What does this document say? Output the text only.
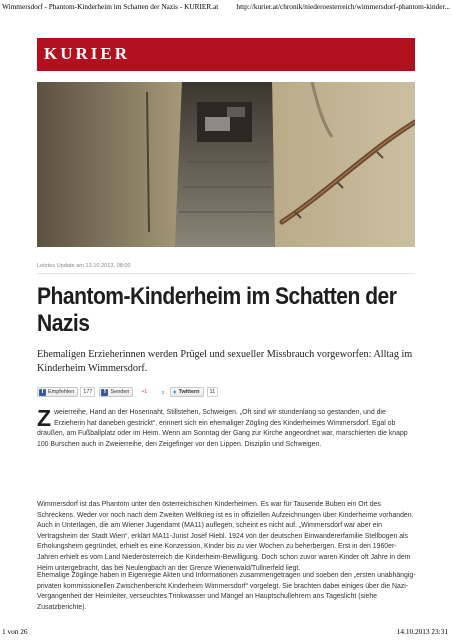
Wimmersdorf - Phantom-Kinderheim im Schatten der Nazis - KURIER.at http://kurier.at/chronik/niederoesterreich/wimmersdorf-phantom-kinder...
KURIER
Letztes Update am 13.10.2013, 08:00
Phantom-Kinderheim im Schatten der Nazis

Ehemaligen Erzieherinnen werden Prügel und sexueller Missbrauch vorgeworfen: Alltag im Kinderheim Wimmersdorf.

f Empfehlen	177	f Senden +1	3 ♦ Twittern	11
Z weierreihe, Hand an der Hosennaht, Stillstehen, Schweigen. „Oft sind wir stundenlang so gestanden, und die Erzieherin hat daneben gestrickt“, erinnert sich ein ehemaliger Zögling des Kinderheimes Wimmersdorf. Egal ob draußen, am Fußballplatz oder im Heim. Wenn am Sonntag der Gang zur Kirche angeordnet war, marschierten die knapp 100 Burschen auch in Zweierreihe, den Zeigefinger vor den Lippen. Disziplin und Schweigen.
Wimmersdorf ist das Phantom unter den österreichischen Kinderheimen. Es war für Tausende Buben ein Ort des Schreckens. Weder vor noch nach dem Zweiten Weltkrieg ist es in offiziellen Aufzeichnungen über Kinderheime vorhanden. Auch in Unterlagen, die am Wiener Jugendamt (MA11) auflegen, scheint es nicht auf. „Wimmersdorf war aber ein Vertragsheim der Stadt Wien“, erklärt MA11-Jurist Josef Hiebl. 1924 von der deutschen Einwandererfamilie Stellbogen als Erholungsheim gegründet, erhielt es eine Konzession, Kinder bis zu vier Wochen zu beherbergen. Erst in den 1960er-Jahren erhielt es vom Land Niederösterreich die Kinderheim-Bewilligung. Doch schon zuvor waren Kinder oft Jahre in dem Heim untergebracht, das bei Neulengbach an der Grenze Wienerwald/Tullnerfeld liegt.
Ehemalige Zöglinge haben in Eigenregie Akten und Informationen zusammengetragen und soeben den „ersten unabhängig-privaten kommissionellen Zwischenbericht Kinderheim Wimmersdorf“ vorgelegt. Sie brachten dabei einiges über die Nazi-Vergangenheit der Heimleiter, verseuchtes Trinkwasser und Mängel an Hauptschullehrern ans Tageslicht (siehe Zusatzberichte).
1 von 26	14.10.2013 23:31
